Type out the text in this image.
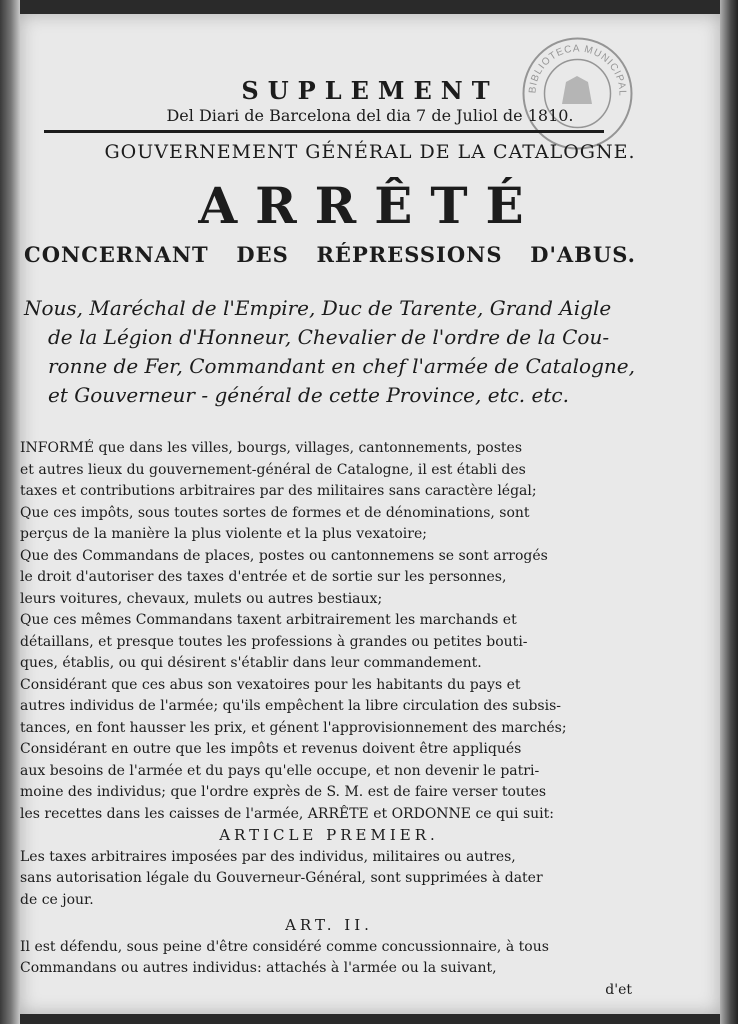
BIBLIOTECA MUNICIPAL
SUPLEMENT
Del Diari de Barcelona del dia 7 de Juliol de 1810.
GOUVERNEMENT GÉNÉRAL DE LA CATALOGNE.
ARRÊTÉ
CONCERNANT DES RÉPRESSIONS D'ABUS.
Nous, Maréchal de l'Empire, Duc de Tarente, Grand Aigle
de la Légion d'Honneur, Chevalier de l'ordre de la Cou-
ronne de Fer, Commandant en chef l'armée de Catalogne,
et Gouverneur - général de cette Province, etc. etc.
INFORMÉ que dans les villes, bourgs, villages, cantonnements, postes
et autres lieux du gouvernement-général de Catalogne, il est établi des
taxes et contributions arbitraires par des militaires sans caractère légal;
Que ces impôts, sous toutes sortes de formes et de dénominations, sont
perçus de la manière la plus violente et la plus vexatoire;
Que des Commandans de places, postes ou cantonnemens se sont arrogés
le droit d'autoriser des taxes d'entrée et de sortie sur les personnes,
leurs voitures, chevaux, mulets ou autres bestiaux;
Que ces mêmes Commandans taxent arbitrairement les marchands et
détaillans, et presque toutes les professions à grandes ou petites bouti-
ques, établis, ou qui désirent s'établir dans leur commandement.
Considérant que ces abus son vexatoires pour les habitants du pays et
autres individus de l'armée; qu'ils empêchent la libre circulation des subsis-
tances, en font hausser les prix, et génent l'approvisionnement des marchés;
Considérant en outre que les impôts et revenus doivent être appliqués
aux besoins de l'armée et du pays qu'elle occupe, et non devenir le patri-
moine des individus; que l'ordre exprès de S. M. est de faire verser toutes
les recettes dans les caisses de l'armée, ARRÊTE et ORDONNE ce qui suit:
ARTICLE PREMIER.
Les taxes arbitraires imposées par des individus, militaires ou autres,
sans autorisation légale du Gouverneur-Général, sont supprimées à dater
de ce jour.
ART. II.
Il est défendu, sous peine d'être considéré comme concussionnaire, à tous
Commandans ou autres individus: attachés à l'armée ou la suivant,
d'et
